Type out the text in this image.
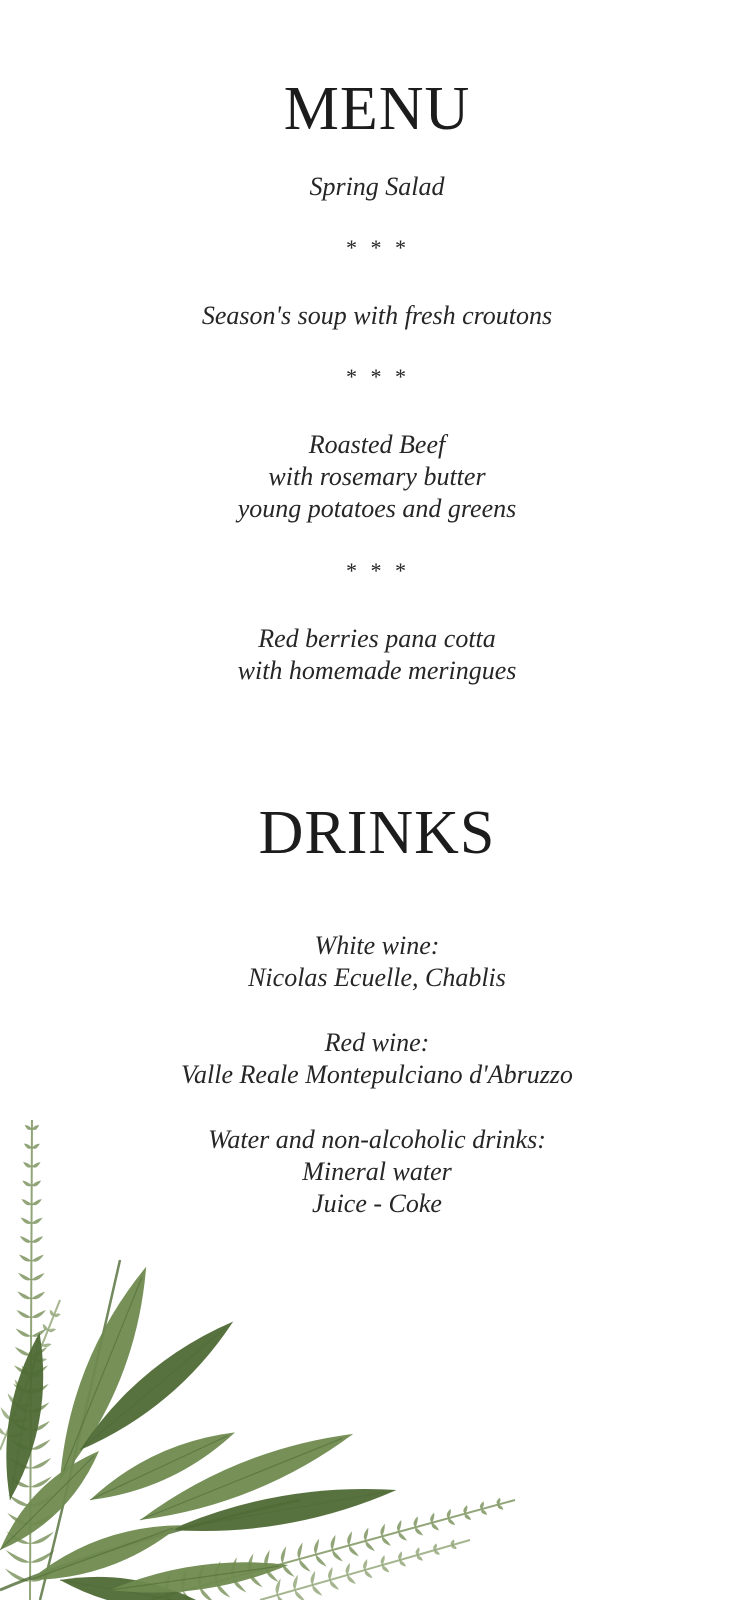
MENU
Spring Salad
* * *
Season's soup with fresh croutons
* * *
Roasted Beef
with rosemary butter
young potatoes and greens
* * *
Red berries pana cotta
with homemade meringues
DRINKS
White wine:
Nicolas Ecuelle, Chablis
Red wine:
Valle Reale Montepulciano d'Abruzzo
Water and non-alcoholic drinks:
Mineral water
Juice - Coke
